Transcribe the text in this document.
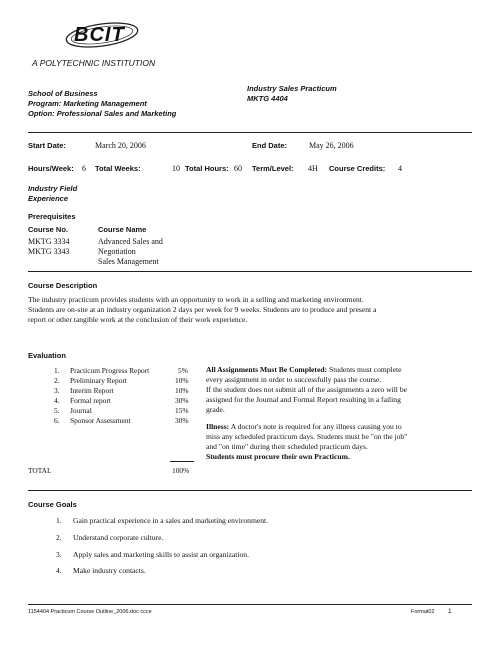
BCIT
A POLYTECHNIC INSTITUTION
School of Business
Program: Marketing Management
Option: Professional Sales and Marketing
Industry Sales Practicum
MKTG 4404
Start Date:	March 20, 2006	End Date:	May 26, 2006
Hours/Week: 6 Total Weeks:	10 Total Hours: 60 Term/Level: 4H Course Credits: 4
Industry Field
Experience
Prerequisites
Course No.	Course Name
MKTG 3334	Advanced Sales and
MKTG 3343	Negotiation
Sales Management
Course Description
The industry practicum provides students with an opportunity to work in a selling and marketing environment.
Students are on-site at an industry organization 2 days per week for 9 weeks. Students are to produce and present a
report or other tangible work at the conclusion of their work experience.
Evaluation
1. Practicum Progress Report	5%
2. Preliminary Report	10%
3. Interim Report	10%
4. Formal report	30%
5. Journal	15%
6. Sponsor Assessment	30%
TOTAL	100%
All Assignments Must Be Completed: Students must complete
every assignment in order to successfully pass the course.
If the student does not submit all of the assignments a zero will be
assigned for the Journal and Formal Report resulting in a failing
grade.
Illness: A doctor's note is required for any illness causing you to
miss any scheduled practicum days. Students must be "on the job"
and "on time" during their scheduled practicum days.
Students must procure their own Practicum.
Course Goals
1. Gain practical experience in a sales and marketing environment.
2. Understand corporate culture.
3. Apply sales and marketing skills to assist an organization.
4. Make industry contacts.
1154404 Practicum Course Outline_2006.doc ccce	Format02 1
